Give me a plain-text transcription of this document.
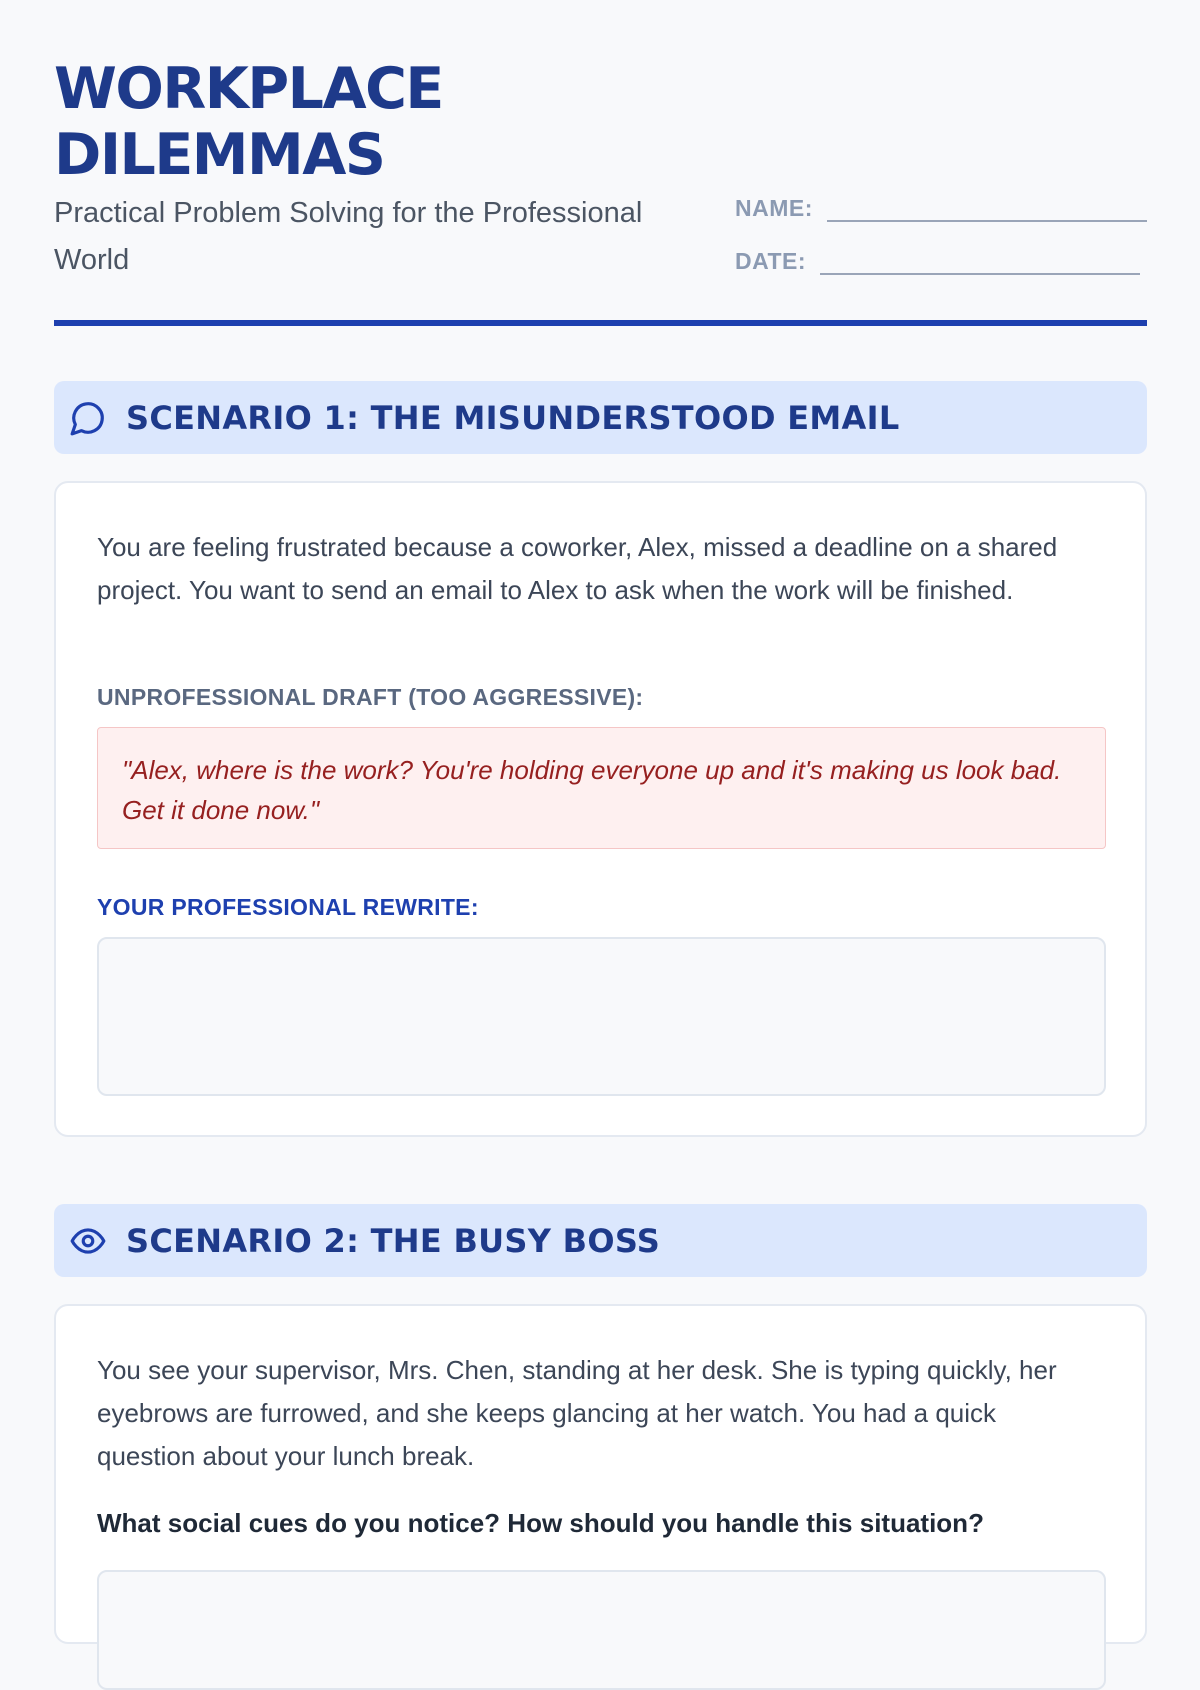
WORKPLACE
DILEMMAS
Practical Problem Solving for the Professional World
NAME:
DATE:
SCENARIO 1: THE MISUNDERSTOOD EMAIL
You are feeling frustrated because a coworker, Alex, missed a deadline on a shared project. You want to send an email to Alex to ask when the work will be finished.
UNPROFESSIONAL DRAFT (TOO AGGRESSIVE):
"Alex, where is the work? You're holding everyone up and it's making us look bad. Get it done now."
YOUR PROFESSIONAL REWRITE:
SCENARIO 2: THE BUSY BOSS
You see your supervisor, Mrs. Chen, standing at her desk. She is typing quickly, her eyebrows are furrowed, and she keeps glancing at her watch. You had a quick question about your lunch break.
What social cues do you notice? How should you handle this situation?
